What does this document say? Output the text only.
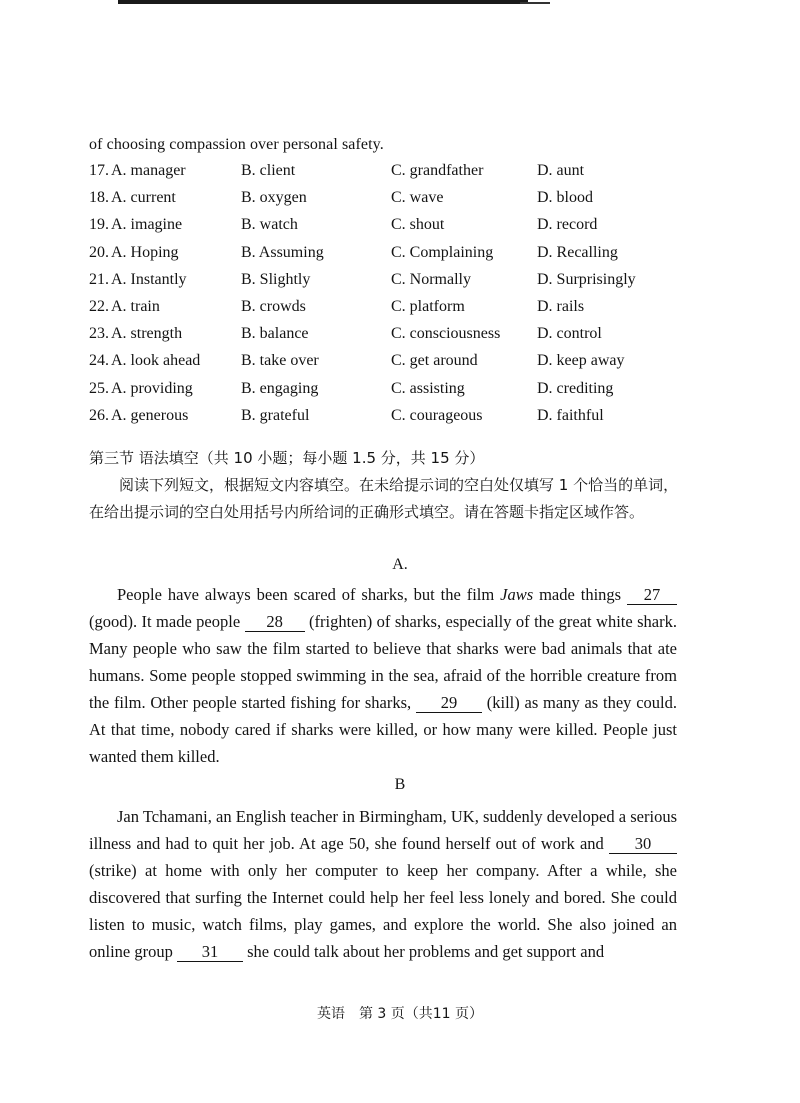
of choosing compassion over personal safety.
17. A. manager	B. client	C. grandfather	D. aunt
18. A. current	B. oxygen	C. wave	D. blood
19. A. imagine	B. watch	C. shout	D. record
20. A. Hoping	B. Assuming	C. Complaining	D. Recalling
21. A. Instantly	B. Slightly	C. Normally	D. Surprisingly
22. A. train	B. crowds	C. platform	D. rails
23. A. strength	B. balance	C. consciousness D. control
24. A. look ahead	B. take over	C. get around	D. keep away
25. A. providing	B. engaging	C. assisting	D. crediting
26. A. generous	B. grateful	C. courageous	D. faithful
第三节 语法填空（共 10 小题；每小题 1.5 分，共 15 分）
阅读下列短文，根据短文内容填空。在未给提示词的空白处仅填写 1 个恰当的单词，在给出提示词的空白处用括号内所给词的正确形式填空。请在答题卡指定区域作答。
A.

People have always been scared of sharks, but the film Jaws made things 27 (good). It made people 28 (frighten) of sharks, especially of the great white shark. Many people who saw the film started to believe that sharks were bad animals that ate humans. Some people stopped swimming in the sea, afraid of the horrible creature from the film. Other people started fishing for sharks, 29 (kill) as many as they could. At that time, nobody cared if sharks were killed, or how many were killed. People just wanted them killed.

B

Jan Tchamani, an English teacher in Birmingham, UK, suddenly developed a serious illness and had to quit her job. At age 50, she found herself out of work and 30 (strike) at home with only her computer to keep her company. After a while, she discovered that surfing the Internet could help her feel less lonely and bored. She could listen to music, watch films, play games, and explore the world. She also joined an online group 31 she could talk about her problems and get support and

英语　第 3 页（共11 页）
